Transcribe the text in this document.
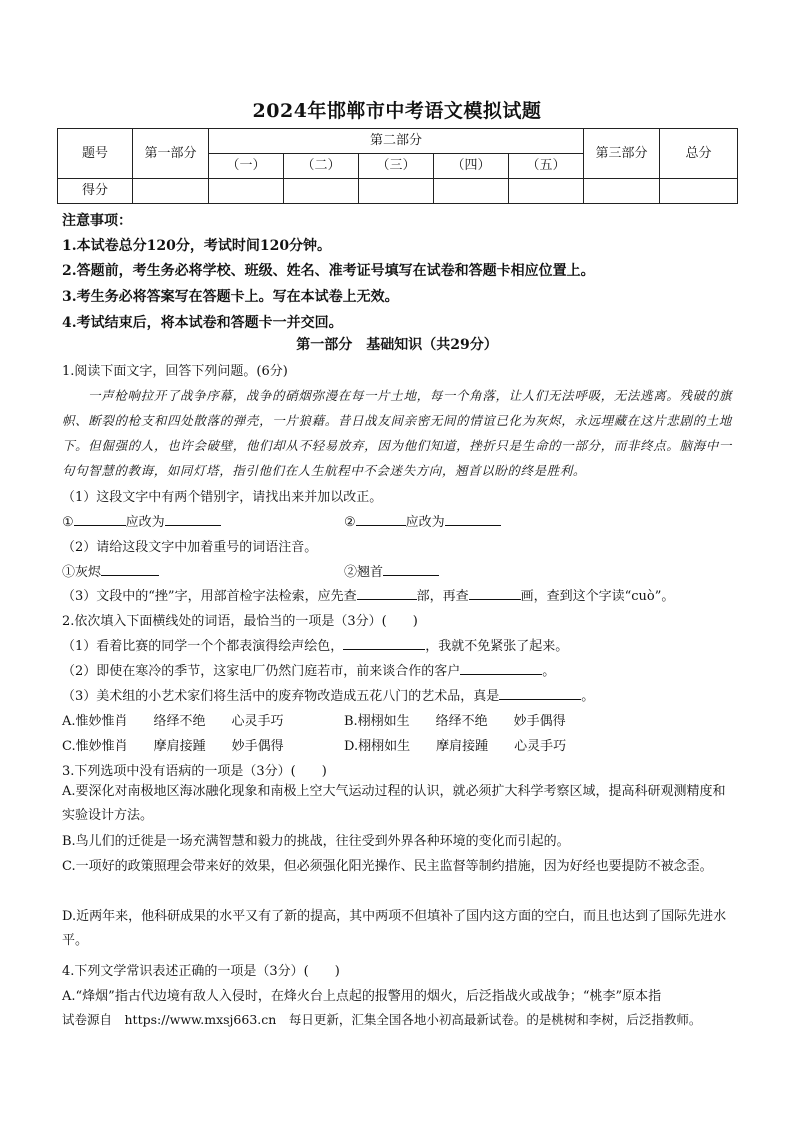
2024年邯郸市中考语文模拟试题
题号	第一部分	第二部分					第三部分	总分
		（一）	（二）	（三）	（四）	（五）		
得分								
注意事项：
1.本试卷总分120分，考试时间120分钟。
2.答题前，考生务必将学校、班级、姓名、准考证号填写在试卷和答题卡相应位置上。
3.考生务必将答案写在答题卡上。写在本试卷上无效。
4.考试结束后，将本试卷和答题卡一并交回。
第一部分　基础知识（共29分）
1.阅读下面文字，回答下列问题。(6分)

一声枪响拉开了战争序幕，战争的硝烟弥漫在每一片土地，每一个角落，让人们无法呼吸，无法逃离。残破的旗帜、断裂的枪支和四处散落的弹壳，一片狼藉。昔日战友间亲密无间的情谊已化为灰烬，永远埋藏在这片悲剧的土地下。但倔强的人，也许会破壁，他们却从不轻易放弃，因为他们知道，挫折只是生命的一部分，而非终点。脑海中一句句智慧的教诲，如同灯塔，指引他们在人生航程中不会迷失方向，翘首以盼的终是胜利。

（1）这段文字中有两个错别字，请找出来并加以改正。
①	应改为	②	应改为
（2）请给这段文字中加着重号的词语注音。
①灰烬	②翘首
（3）文段中的“挫”字，用部首检字法检索，应先查	部，再查	画，查到这个字读“cuò”。
2.依次填入下面横线处的词语，最恰当的一项是（3分）(　　)
（1）看着比赛的同学一个个都表演得绘声绘色，	，我就不免紧张了起来。
（2）即使在寒冷的季节，这家电厂仍然门庭若市，前来谈合作的客户	。
（3）美术组的小艺术家们将生活中的废弃物改造成五花八门的艺术品，真是	。
A.惟妙惟肖　　络绎不绝　　心灵手巧	B.栩栩如生　　络绎不绝　　妙手偶得
C.惟妙惟肖　　摩肩接踵　　妙手偶得	D.栩栩如生　　摩肩接踵　　心灵手巧
3.下列选项中没有语病的一项是（3分）(　　)
A.要深化对南极地区海冰融化现象和南极上空大气运动过程的认识，就必须扩大科学考察区域，提高科研观测精度和实验设计方法。
B.鸟儿们的迁徙是一场充满智慧和毅力的挑战，往往受到外界各种环境的变化而引起的。
C.一项好的政策照理会带来好的效果，但必须强化阳光操作、民主监督等制约措施，因为好经也要提防不被念歪。
D.近两年来，他科研成果的水平又有了新的提高，其中两项不但填补了国内这方面的空白，而且也达到了国际先进水平。
4.下列文学常识表述正确的一项是（3分）(　　)
A.“烽烟”指古代边境有敌人入侵时，在烽火台上点起的报警用的烟火，后泛指战火或战争；“桃李”原本指
试卷源自　https://www.mxsj663.cn　每日更新，汇集全国各地小初高最新试卷。的是桃树和李树，后泛指教师。
